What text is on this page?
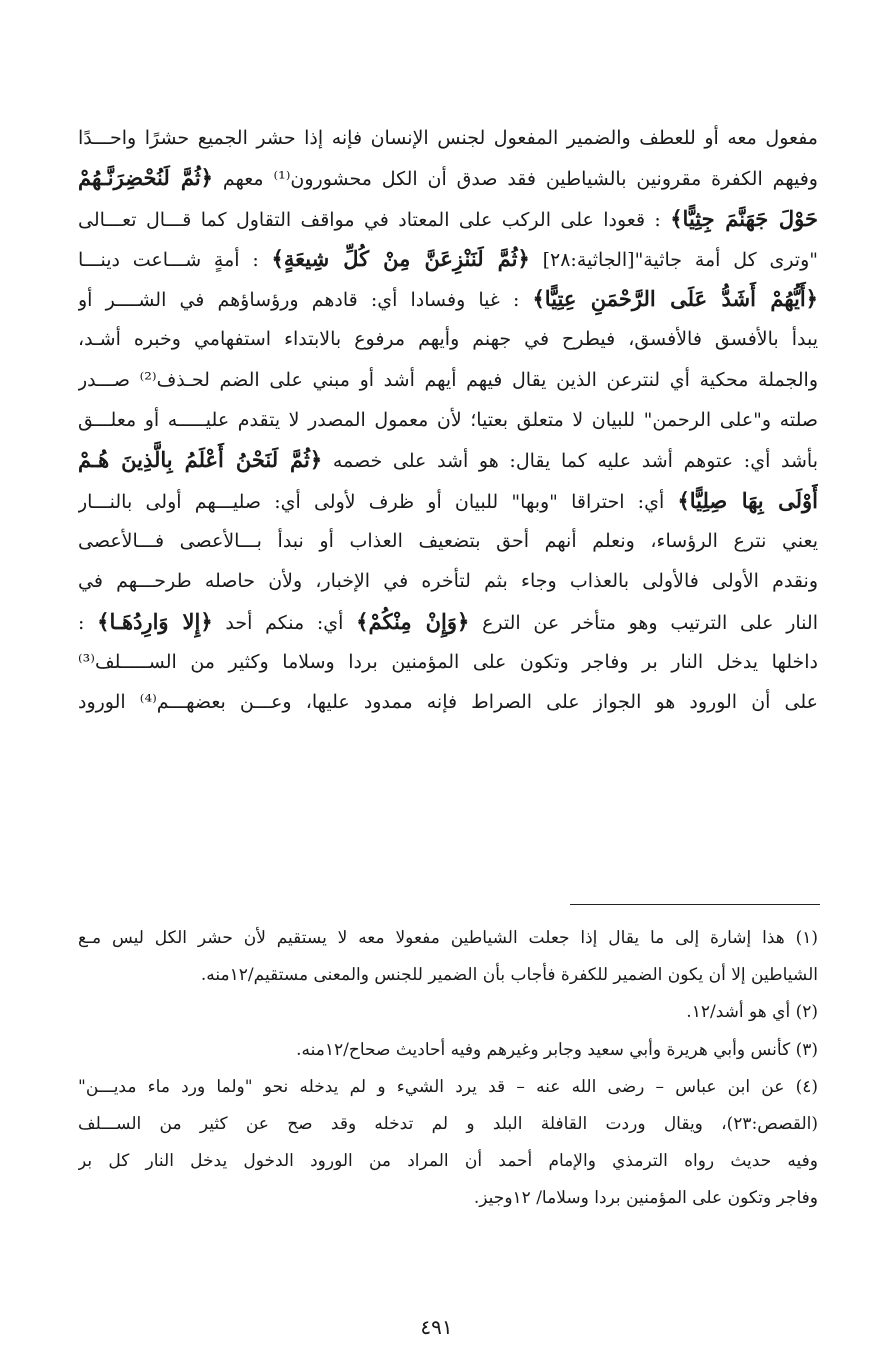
مفعول معه أو للعطف والضمير المفعول لجنس الإنسان فإنه إذا حشر الجميع حشرًا واحـــدًا
وفيهم الكفرة مقرونين بالشياطين فقد صدق أن الكل محشورون⁽¹⁾ معهم ﴿ثُمَّ لَنُحْضِرَنَّـهُمْ
حَوْلَ جَهَنَّمَ جِثِيًّا﴾ : قعودا على الركب على المعتاد في مواقف التقاول كما قـــال تعـــالى
"وترى كل أمة جاثية"[الجاثية:٢٨] ﴿ثُمَّ لَنَنْزِعَنَّ مِنْ كُلِّ شِيعَةٍ﴾ : أمةٍ شـــاعت دينـــا
﴿أَيُّهُمْ أَشَدُّ عَلَى الرَّحْمَنِ عِتِيًّا﴾ : غيا وفسادا أي: قادهم ورؤساؤهم في الشــــر أو
يبدأ بالأفسق فالأفسق، فيطرح في جهنم وأيهم مرفوع بالابتداء استفهامي وخبره أشـد،
والجملة محكية أي لنترعن الذين يقال فيهم أيهم أشد أو مبني على الضم لحـذف⁽²⁾ صـــدر
صلته و"على الرحمن" للبيان لا متعلق بعتيا؛ لأن معمول المصدر لا يتقدم عليـــــه أو معلـــق
بأشد أي: عتوهم أشد عليه كما يقال: هو أشد على خصمه ﴿ثُمَّ لَنَحْنُ أَعْلَمُ بِالَّذِينَ هُـمْ
أَوْلَى بِهَا صِلِيًّا﴾ أي: احتراقا "وبها" للبيان أو ظرف لأولى أي: صليـــهم أولى بالنـــار
يعني نترع الرؤساء، ونعلم أنهم أحق بتضعيف العذاب أو نبدأ بـــالأعصى فـــالأعصى
ونقدم الأولى فالأولى بالعذاب وجاء بثم لتأخره في الإخبار، ولأن حاصله طرحـــهم في
النار على الترتيب وهو متأخر عن الترع ﴿وَإِنْ مِنْكُمْ﴾ أي: منكم أحد ﴿إِلا وَارِدُهَـا﴾ :
داخلها يدخل النار بر وفاجر وتكون على المؤمنين بردا وسلاما وكثير من الســـــلف⁽³⁾
على أن الورود هو الجواز على الصراط فإنه ممدود عليها، وعـــن بعضهـــم⁽⁴⁾ الورود
(١) هذا إشارة إلى ما يقال إذا جعلت الشياطين مفعولا معه لا يستقيم لأن حشر الكل ليس مـع
الشياطين إلا أن يكون الضمير للكفرة فأجاب بأن الضمير للجنس والمعنى مستقيم/١٢منه.
(٢) أي هو أشد/١٢.
(٣) كأنس وأبي هريرة وأبي سعيد وجابر وغيرهم وفيه أحاديث صحاح/١٢منه.
(٤) عن ابن عباس – رضى الله عنه – قد يرد الشيء و لم يدخله نحو "ولما ورد ماء مديـــن"
(القصص:٢٣)، ويقال وردت القافلة البلد و لم تدخله وقد صح عن كثير من الســـلف
وفيه حديث رواه الترمذي والإمام أحمد أن المراد من الورود الدخول يدخل النار كل بر
وفاجر وتكون على المؤمنين بردا وسلاما/ ١٢وجيز.
٤٩١
